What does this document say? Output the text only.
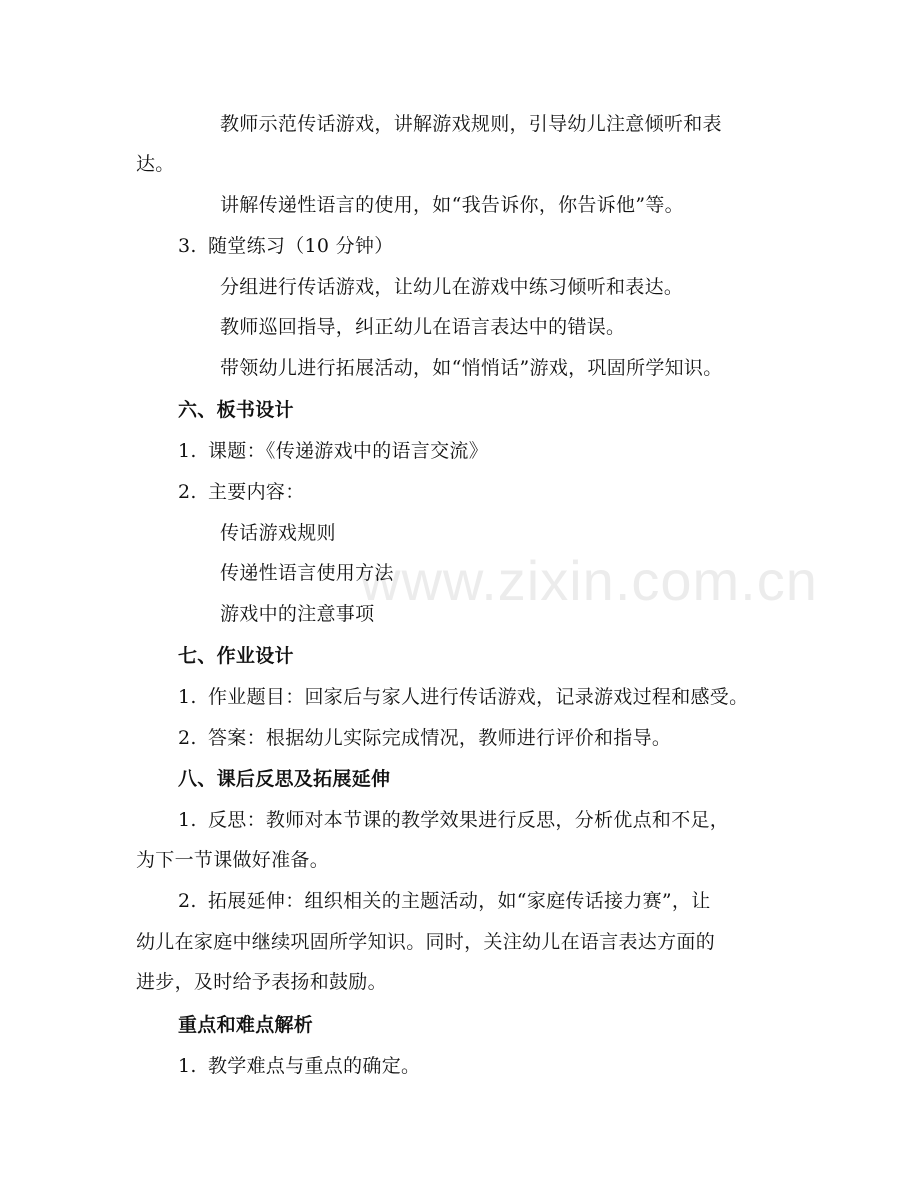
www.zixin.com.cn
教师示范传话游戏，讲解游戏规则，引导幼儿注意倾听和表
达。
讲解传递性语言的使用，如“我告诉你，你告诉他”等。
3. 随堂练习（10 分钟）
分组进行传话游戏，让幼儿在游戏中练习倾听和表达。
教师巡回指导，纠正幼儿在语言表达中的错误。
带领幼儿进行拓展活动，如“悄悄话”游戏，巩固所学知识。
六、板书设计
1. 课题：《传递游戏中的语言交流》
2. 主要内容：
传话游戏规则
传递性语言使用方法
游戏中的注意事项
七、作业设计
1. 作业题目：回家后与家人进行传话游戏，记录游戏过程和感受。
2. 答案：根据幼儿实际完成情况，教师进行评价和指导。
八、课后反思及拓展延伸
1. 反思：教师对本节课的教学效果进行反思，分析优点和不足，
为下一节课做好准备。
2. 拓展延伸：组织相关的主题活动，如“家庭传话接力赛”，让
幼儿在家庭中继续巩固所学知识。同时，关注幼儿在语言表达方面的
进步，及时给予表扬和鼓励。
重点和难点解析
1. 教学难点与重点的确定。
